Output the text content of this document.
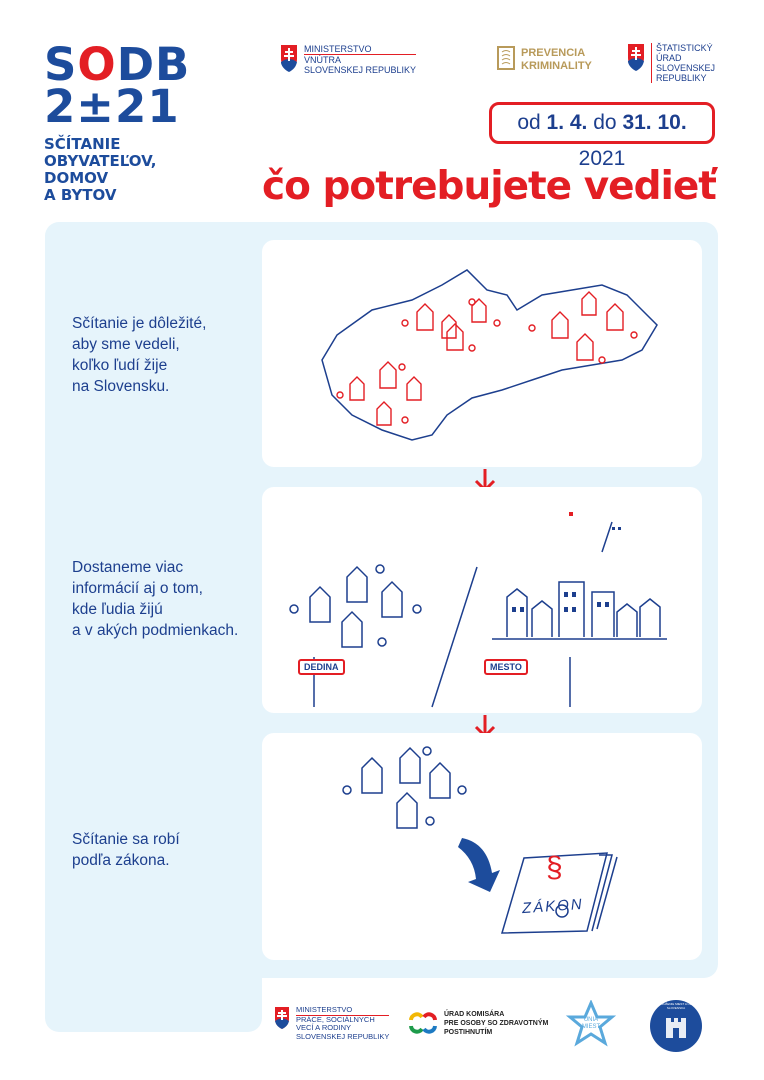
SODB
2±21
SČÍTANIE
OBYVATEĽOV,
DOMOV
A BYTOV
MINISTERSTVO
VNÚTRA
SLOVENSKEJ REPUBLIKY
PREVENCIA
KRIMINALITY
ŠTATISTICKÝ
ÚRAD
SLOVENSKEJ
REPUBLIKY
od 1. 4. do 31. 10. 2021
čo potrebujete vedieť
Sčítanie je dôležité,
aby sme vedeli,
koľko ľudí žije
na Slovensku.
Dostaneme viac
informácií aj o tom,
kde ľudia žijú
a v akých podmienkach.
DEDINA	MESTO
Sčítanie sa robí
podľa zákona.	§
ZÁKON
MINISTERSTVO
PRÁCE, SOCIÁLNYCH
VECÍ A RODINY
SLOVENSKEJ REPUBLIKY
ÚRAD KOMISÁRA
PRE OSOBY SO ZDRAVOTNÝM
POSTIHNUTÍM
ÚNIA
MIEST
ZDRUŽENIE MIEST A OBCÍ SLOVENSKA
